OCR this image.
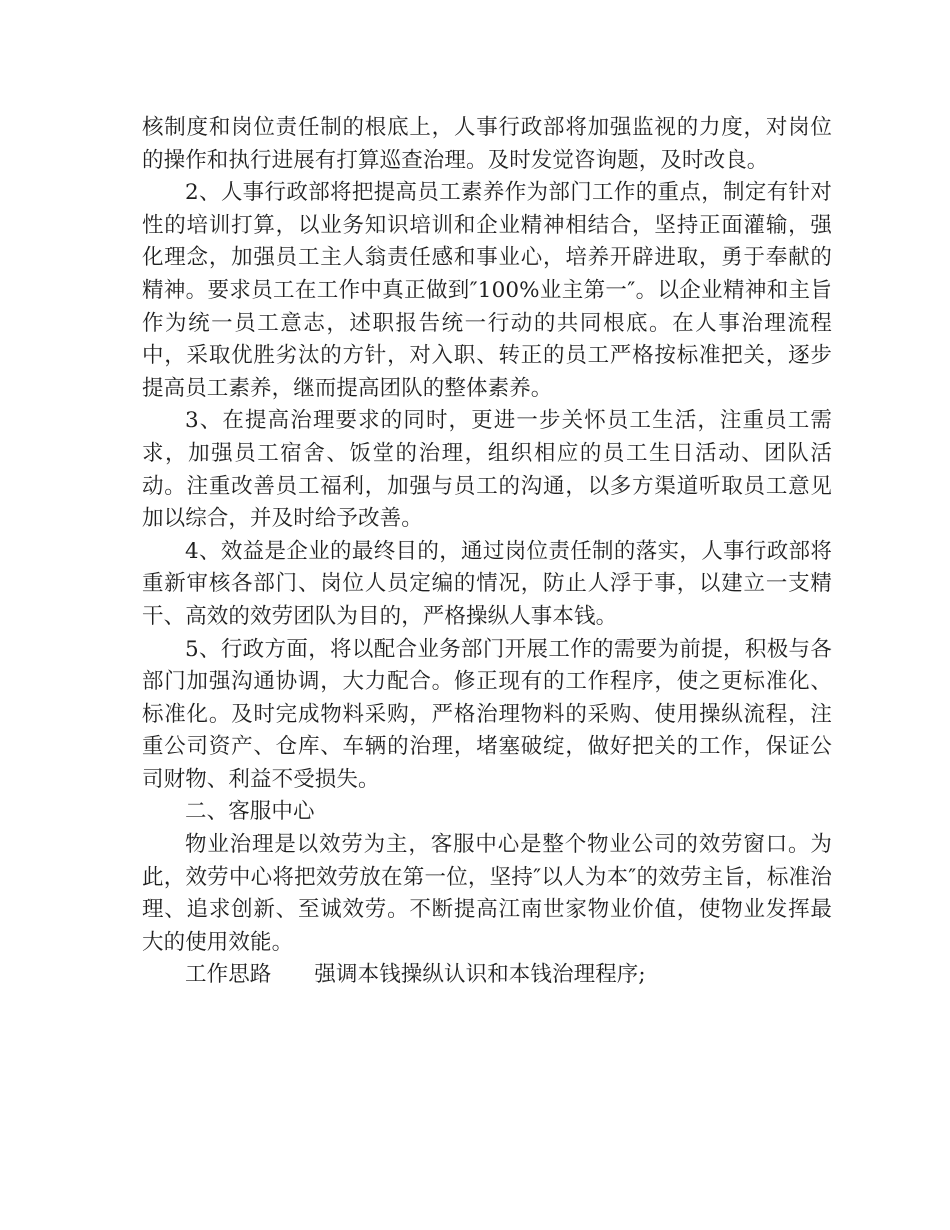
核制度和岗位责任制的根底上，人事行政部将加强监视的力度，对岗位的操作和执行进展有打算巡查治理。及时发觉咨询题，及时改良。

2、人事行政部将把提高员工素养作为部门工作的重点，制定有针对性的培训打算，以业务知识培训和企业精神相结合，坚持正面灌输，强化理念，加强员工主人翁责任感和事业心，培养开辟进取，勇于奉献的精神。要求员工在工作中真正做到″100%业主第一″。以企业精神和主旨作为统一员工意志，述职报告统一行动的共同根底。在人事治理流程中，采取优胜劣汰的方针，对入职、转正的员工严格按标准把关，逐步提高员工素养，继而提高团队的整体素养。

3、在提高治理要求的同时，更进一步关怀员工生活，注重员工需求，加强员工宿舍、饭堂的治理，组织相应的员工生日活动、团队活动。注重改善员工福利，加强与员工的沟通，以多方渠道听取员工意见加以综合，并及时给予改善。

4、效益是企业的最终目的，通过岗位责任制的落实，人事行政部将重新审核各部门、岗位人员定编的情况，防止人浮于事，以建立一支精干、高效的效劳团队为目的，严格操纵人事本钱。

5、行政方面，将以配合业务部门开展工作的需要为前提，积极与各部门加强沟通协调，大力配合。修正现有的工作程序，使之更标准化、标准化。及时完成物料采购，严格治理物料的采购、使用操纵流程，注重公司资产、仓库、车辆的治理，堵塞破绽，做好把关的工作，保证公司财物、利益不受损失。

二、客服中心

物业治理是以效劳为主，客服中心是整个物业公司的效劳窗口。为此，效劳中心将把效劳放在第一位，坚持″以人为本″的效劳主旨，标准治理、追求创新、至诚效劳。不断提高江南世家物业价值，使物业发挥最大的使用效能。

工作思路 强调本钱操纵认识和本钱治理程序;
